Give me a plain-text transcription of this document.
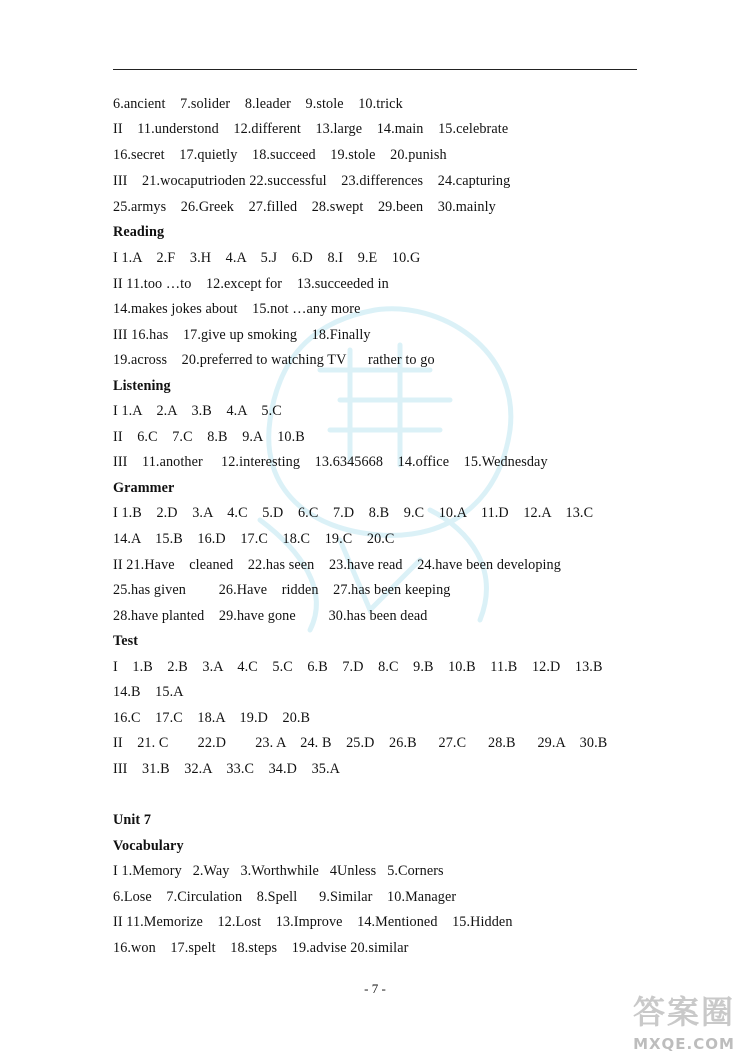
6.ancient    7.solider    8.leader    9.stole    10.trick
II    11.understond    12.different    13.large    14.main    15.celebrate
16.secret    17.quietly    18.succeed    19.stole    20.punish
III    21.wocaputrioden 22.successful    23.differences    24.capturing
25.armys    26.Greek    27.filled    28.swept    29.been    30.mainly
Reading
I 1.A    2.F    3.H    4.A    5.J    6.D    8.I    9.E    10.G
II 11.too …to    12.except for    13.succeeded in
14.makes jokes about    15.not …any more
III 16.has    17.give up smoking    18.Finally
19.across    20.preferred to watching TV      rather to go
Listening
I 1.A    2.A    3.B    4.A    5.C
II    6.C    7.C    8.B    9.A    10.B
III    11.another     12.interesting    13.6345668    14.office    15.Wednesday
Grammer
I 1.B    2.D    3.A    4.C    5.D    6.C    7.D    8.B    9.C    10.A    11.D    12.A    13.C
14.A    15.B    16.D    17.C    18.C    19.C    20.C
II 21.Have    cleaned    22.has seen    23.have read    24.have been developing
25.has given         26.Have    ridden    27.has been keeping
28.have planted    29.have gone         30.has been dead
Test
I    1.B    2.B    3.A    4.C    5.C    6.B    7.D    8.C    9.B    10.B    11.B    12.D    13.B
14.B    15.A
16.C    17.C    18.A    19.D    20.B
II    21. C        22.D        23. A    24. B    25.D    26.B      27.C      28.B      29.A    30.B
III    31.B    32.A    33.C    34.D    35.A
Unit 7
Vocabulary
I 1.Memory   2.Way   3.Worthwhile   4Unless   5.Corners
6.Lose    7.Circulation    8.Spell      9.Similar    10.Manager
II 11.Memorize    12.Lost    13.Improve    14.Mentioned    15.Hidden
16.won    17.spelt    18.steps    19.advise 20.similar
- 7 -
答案圈
MXQE.COM
